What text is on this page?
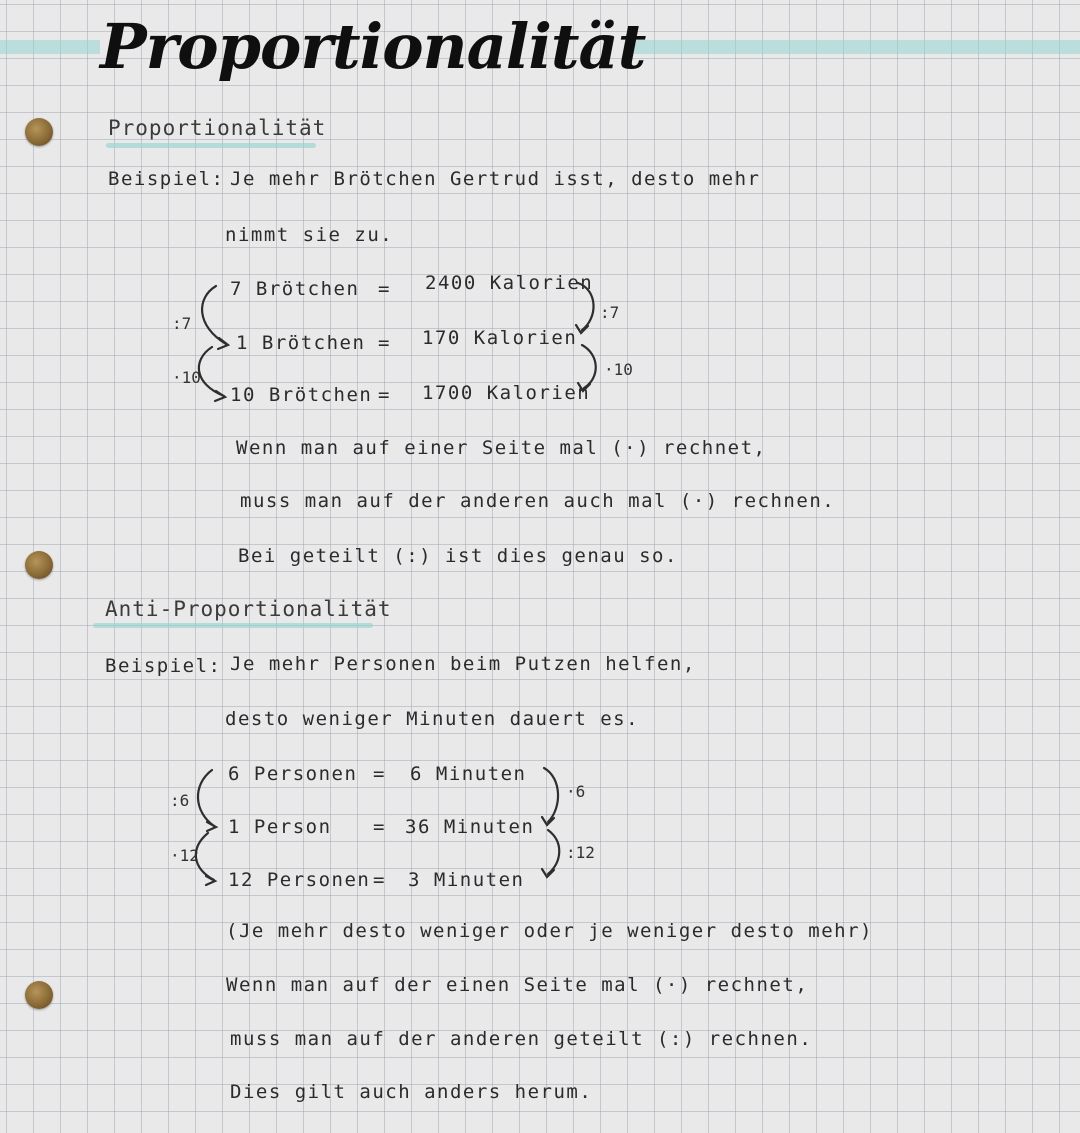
Proportionalität
Proportionalität
Beispiel: Je mehr Brötchen Gertrud isst, desto mehr
nimmt sie zu.
7 Brötchen = 2400 Kalorien
1 Brötchen = 170 Kalorien
10 Brötchen = 1700 Kalorien
:7
·10
:7
·10
Wenn man auf einer Seite mal (·) rechnet,
muss man auf der anderen auch mal (·) rechnen.
Bei geteilt (:) ist dies genau so.
Anti-Proportionalität
Beispiel: Je mehr Personen beim Putzen helfen,
desto weniger Minuten dauert es.
6 Personen = 6 Minuten
1 Person = 36 Minuten
12 Personen = 3 Minuten
:6
·12
·6
:12
(Je mehr desto weniger oder je weniger desto mehr)
Wenn man auf der einen Seite mal (·) rechnet,
muss man auf der anderen geteilt (:) rechnen.
Dies gilt auch anders herum.
